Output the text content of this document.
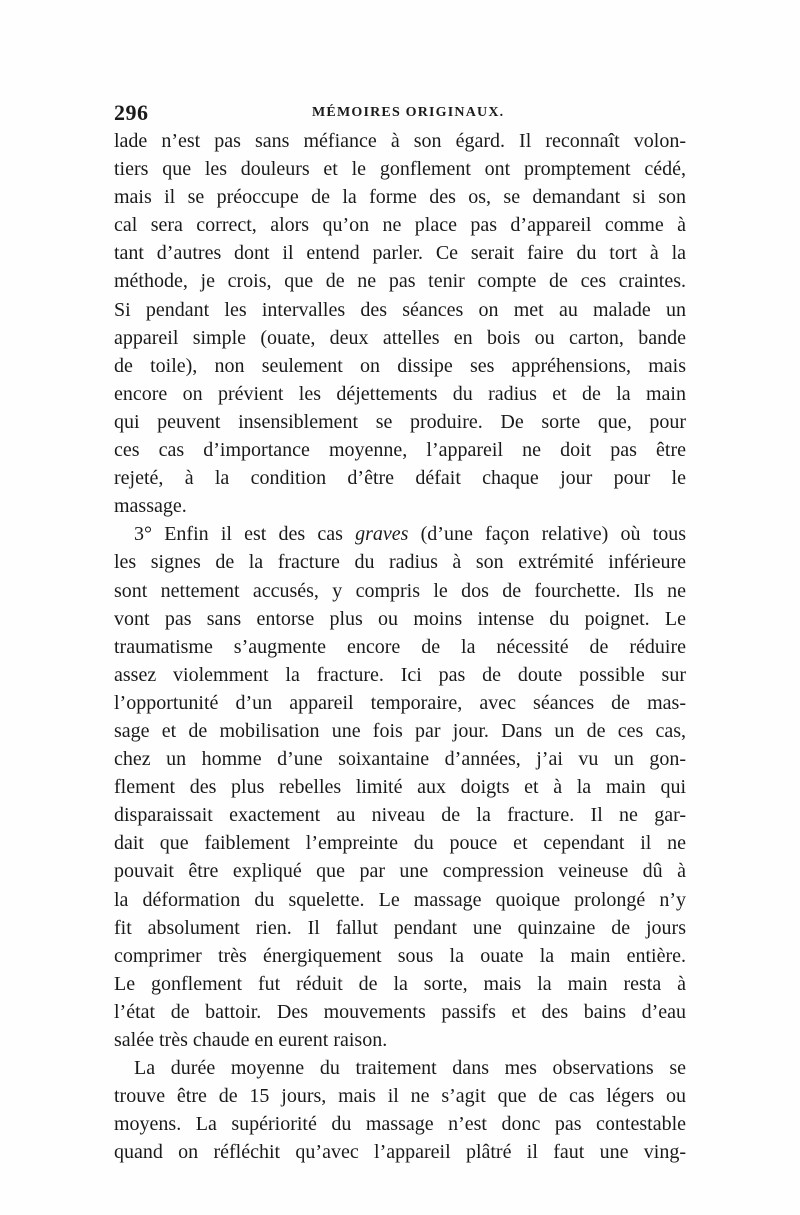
296	MÉMOIRES ORIGINAUX.
lade n’est pas sans méfiance à son égard. Il reconnaît volon-
tiers que les douleurs et le gonflement ont promptement cédé,
mais il se préoccupe de la forme des os, se demandant si son
cal sera correct, alors qu’on ne place pas d’appareil comme à
tant d’autres dont il entend parler. Ce serait faire du tort à la
méthode, je crois, que de ne pas tenir compte de ces craintes.
Si pendant les intervalles des séances on met au malade un
appareil simple (ouate, deux attelles en bois ou carton, bande
de toile), non seulement on dissipe ses appréhensions, mais
encore on prévient les déjettements du radius et de la main
qui peuvent insensiblement se produire. De sorte que, pour
ces cas d’importance moyenne, l’appareil ne doit pas être
rejeté, à la condition d’être défait chaque jour pour le
massage.
3° Enfin il est des cas graves (d’une façon relative) où tous
les signes de la fracture du radius à son extrémité inférieure
sont nettement accusés, y compris le dos de fourchette. Ils ne
vont pas sans entorse plus ou moins intense du poignet. Le
traumatisme s’augmente encore de la nécessité de réduire
assez violemment la fracture. Ici pas de doute possible sur
l’opportunité d’un appareil temporaire, avec séances de mas-
sage et de mobilisation une fois par jour. Dans un de ces cas,
chez un homme d’une soixantaine d’années, j’ai vu un gon-
flement des plus rebelles limité aux doigts et à la main qui
disparaissait exactement au niveau de la fracture. Il ne gar-
dait que faiblement l’empreinte du pouce et cependant il ne
pouvait être expliqué que par une compression veineuse dû à
la déformation du squelette. Le massage quoique prolongé n’y
fit absolument rien. Il fallut pendant une quinzaine de jours
comprimer très énergiquement sous la ouate la main entière.
Le gonflement fut réduit de la sorte, mais la main resta à
l’état de battoir. Des mouvements passifs et des bains d’eau
salée très chaude en eurent raison.
La durée moyenne du traitement dans mes observations se
trouve être de 15 jours, mais il ne s’agit que de cas légers ou
moyens. La supériorité du massage n’est donc pas contestable
quand on réfléchit qu’avec l’appareil plâtré il faut une ving-
